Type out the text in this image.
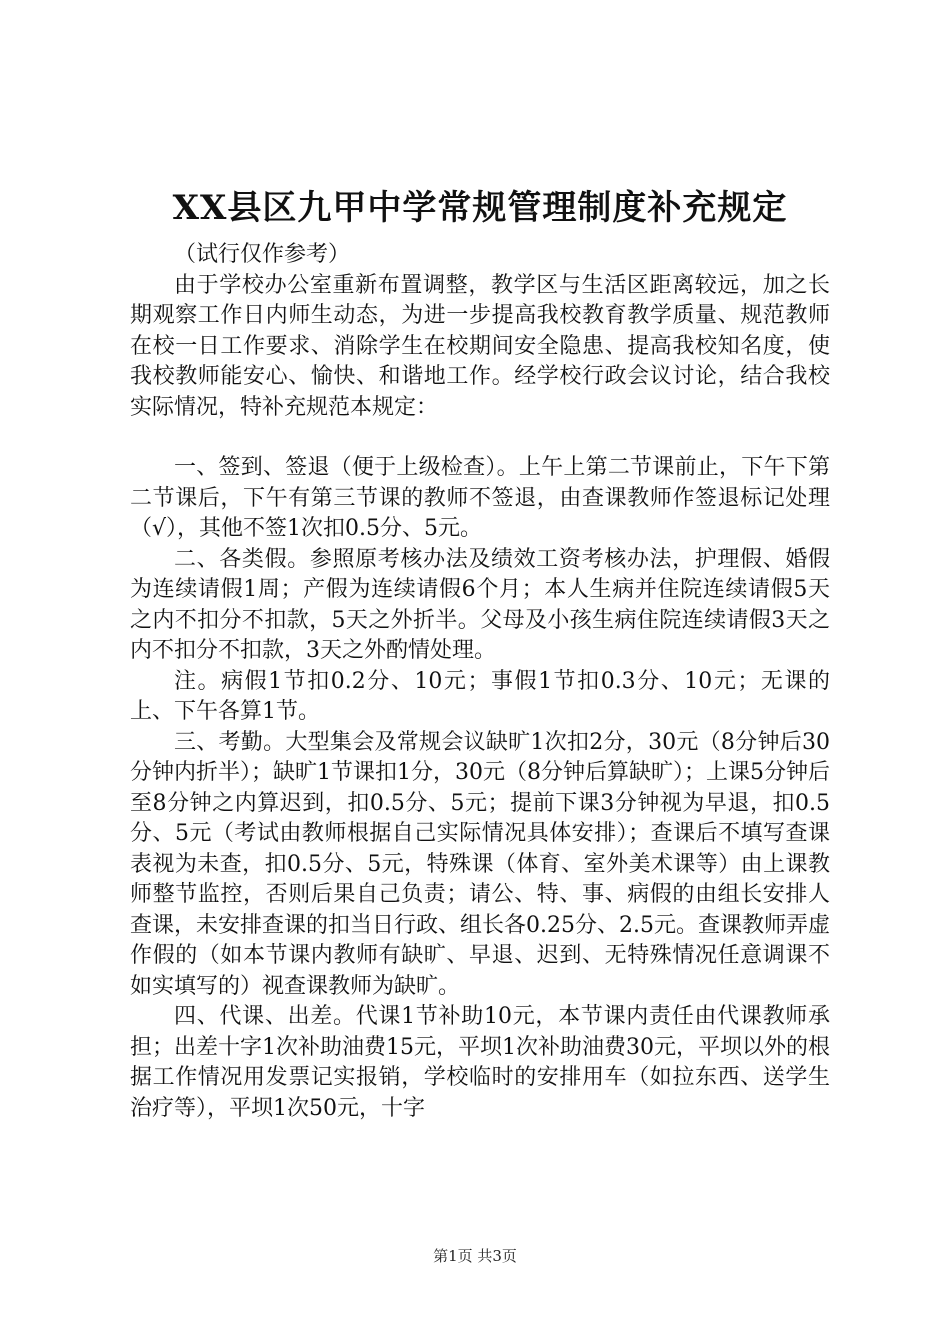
XX县区九甲中学常规管理制度补充规定

（试行仅作参考）

由于学校办公室重新布置调整，教学区与生活区距离较远，加之长期观察工作日内师生动态，为进一步提高我校教育教学质量、规范教师在校一日工作要求、消除学生在校期间安全隐患、提高我校知名度，使我校教师能安心、愉快、和谐地工作。经学校行政会议讨论，结合我校实际情况，特补充规范本规定：

一、签到、签退（便于上级检查）。上午上第二节课前止，下午下第二节课后，下午有第三节课的教师不签退，由查课教师作签退标记处理（√），其他不签1次扣0.5分、5元。

二、各类假。参照原考核办法及绩效工资考核办法，护理假、婚假为连续请假1周；产假为连续请假6个月；本人生病并住院连续请假5天之内不扣分不扣款，5天之外折半。父母及小孩生病住院连续请假3天之内不扣分不扣款，3天之外酌情处理。

注。病假1节扣0.2分、10元；事假1节扣0.3分、10元；无课的上、下午各算1节。

三、考勤。大型集会及常规会议缺旷1次扣2分，30元（8分钟后30分钟内折半）；缺旷1节课扣1分，30元（8分钟后算缺旷）；上课5分钟后至8分钟之内算迟到，扣0.5分、5元；提前下课3分钟视为早退，扣0.5分、5元（考试由教师根据自己实际情况具体安排）；查课后不填写查课表视为未查，扣0.5分、5元，特殊课（体育、室外美术课等）由上课教师整节监控，否则后果自己负责；请公、特、事、病假的由组长安排人查课，未安排查课的扣当日行政、组长各0.25分、2.5元。查课教师弄虚作假的（如本节课内教师有缺旷、早退、迟到、无特殊情况任意调课不如实填写的）视查课教师为缺旷。

四、代课、出差。代课1节补助10元，本节课内责任由代课教师承担；出差十字1次补助油费15元，平坝1次补助油费30元，平坝以外的根据工作情况用发票记实报销，学校临时的安排用车（如拉东西、送学生治疗等），平坝1次50元，十字

第1页 共3页
